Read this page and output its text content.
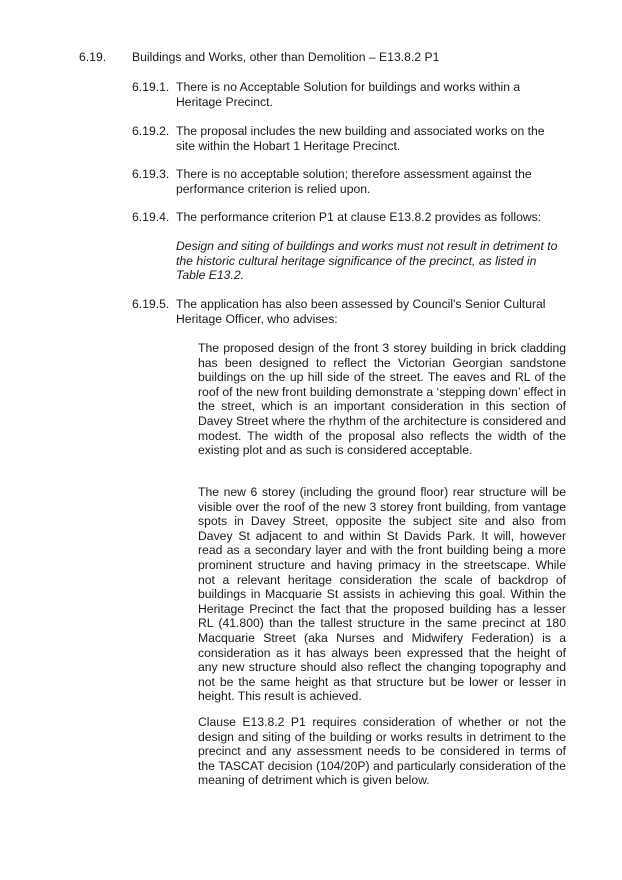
6.19. Buildings and Works, other than Demolition – E13.8.2 P1
6.19.1. There is no Acceptable Solution for buildings and works within a Heritage Precinct.
6.19.2. The proposal includes the new building and associated works on the site within the Hobart 1 Heritage Precinct.
6.19.3. There is no acceptable solution; therefore assessment against the performance criterion is relied upon.
6.19.4. The performance criterion P1 at clause E13.8.2 provides as follows:
Design and siting of buildings and works must not result in detriment to the historic cultural heritage significance of the precinct, as listed in Table E13.2.
6.19.5. The application has also been assessed by Council's Senior Cultural Heritage Officer, who advises:
The proposed design of the front 3 storey building in brick cladding has been designed to reflect the Victorian Georgian sandstone buildings on the up hill side of the street. The eaves and RL of the roof of the new front building demonstrate a ‘stepping down’ effect in the street, which is an important consideration in this section of Davey Street where the rhythm of the architecture is considered and modest. The width of the proposal also reflects the width of the existing plot and as such is considered acceptable.
The new 6 storey (including the ground floor) rear structure will be visible over the roof of the new 3 storey front building, from vantage spots in Davey Street, opposite the subject site and also from Davey St adjacent to and within St Davids Park. It will, however read as a secondary layer and with the front building being a more prominent structure and having primacy in the streetscape. While not a relevant heritage consideration the scale of backdrop of buildings in Macquarie St assists in achieving this goal. Within the Heritage Precinct the fact that the proposed building has a lesser RL (41.800) than the tallest structure in the same precinct at 180 Macquarie Street (aka Nurses and Midwifery Federation) is a consideration as it has always been expressed that the height of any new structure should also reflect the changing topography and not be the same height as that structure but be lower or lesser in height. This result is achieved.
Clause E13.8.2 P1 requires consideration of whether or not the design and siting of the building or works results in detriment to the precinct and any assessment needs to be considered in terms of the TASCAT decision (104/20P) and particularly consideration of the meaning of detriment which is given below.
